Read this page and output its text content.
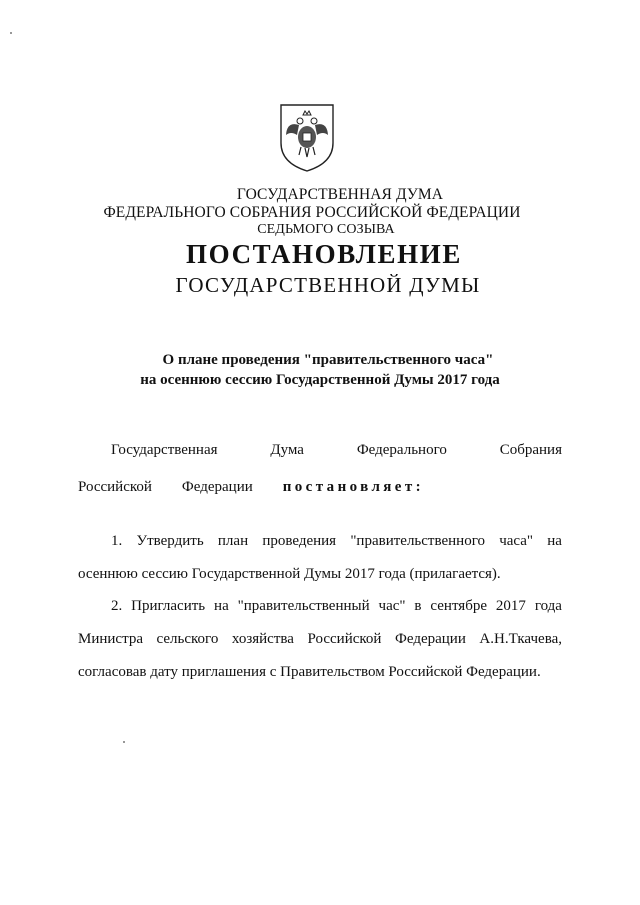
ГОСУДАРСТВЕННАЯ ДУМА
ФЕДЕРАЛЬНОГО СОБРАНИЯ РОССИЙСКОЙ ФЕДЕРАЦИИ
СЕДЬМОГО СОЗЫВА
ПОСТАНОВЛЕНИЕ
ГОСУДАРСТВЕННОЙ ДУМЫ
О плане проведения "правительственного часа"
на осеннюю сессию Государственной Думы 2017 года
Государственная	Дума	Федерального	Собрания
Российской Федерации постановляет:
1. Утвердить план проведения "правительственного часа" на
осеннюю сессию Государственной Думы 2017 года (прилагается).
2. Пригласить на "правительственный час" в сентябре 2017 года
Министра сельского хозяйства Российской Федерации А.Н.Ткачева,
согласовав дату приглашения с Правительством Российской Федерации.
